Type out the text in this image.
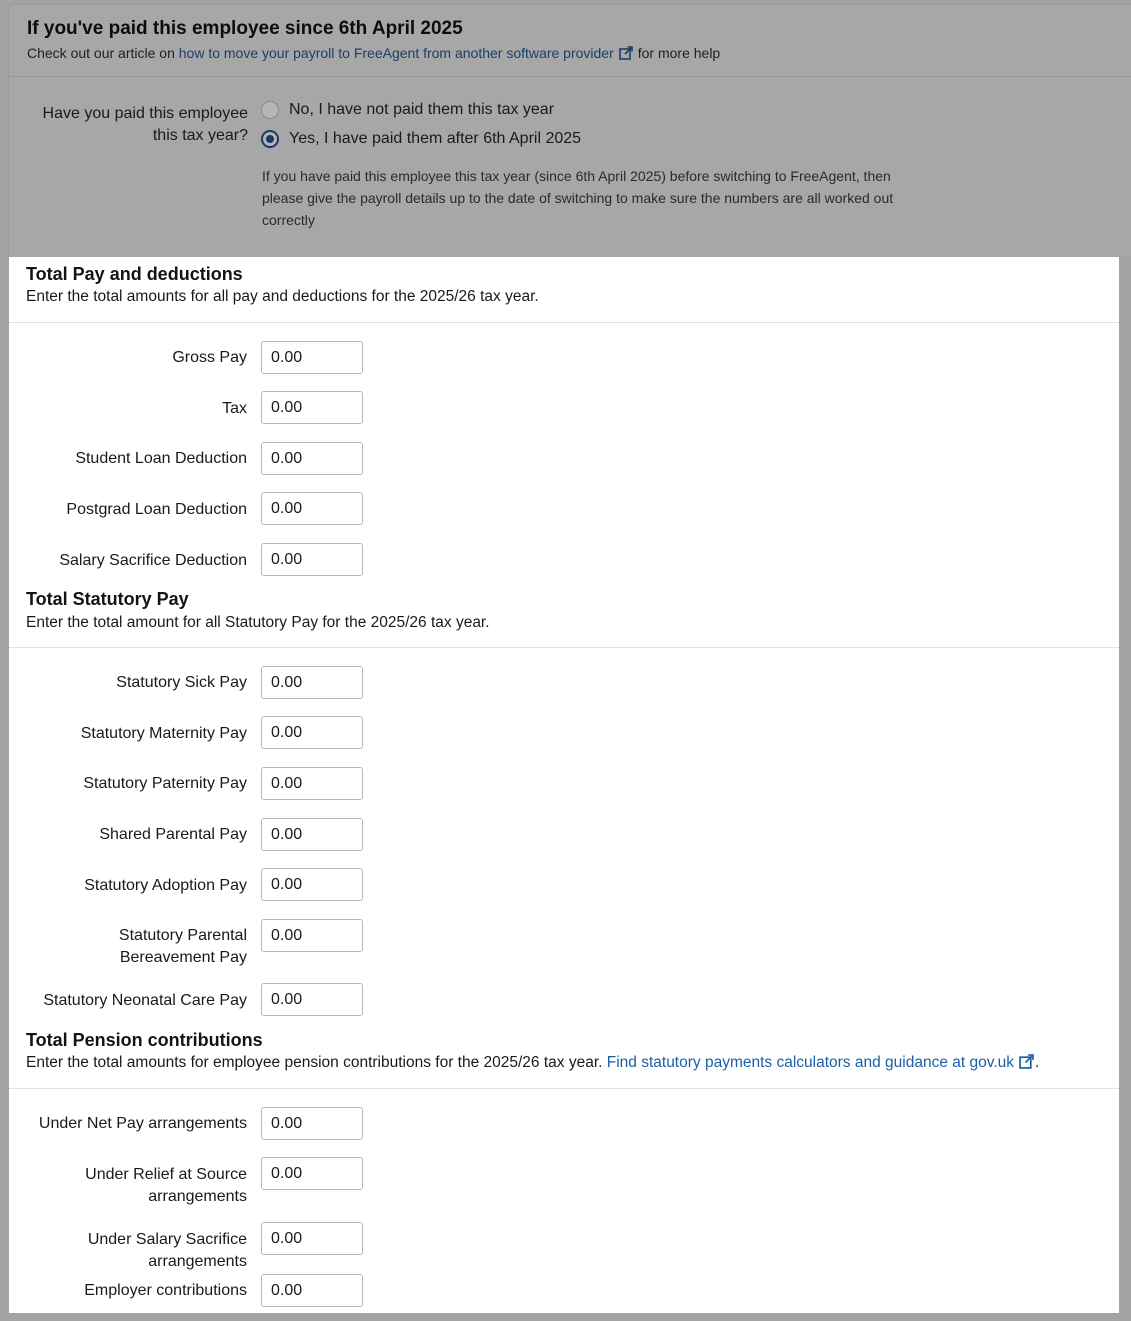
If you've paid this employee since 6th April 2025
Check out our article on how to move your payroll to FreeAgent from another software provider for more help
Have you paid this employee
this tax year?
No, I have not paid them this tax year
Yes, I have paid them after 6th April 2025
If you have paid this employee this tax year (since 6th April 2025) before switching to FreeAgent, then please give the payroll details up to the date of switching to make sure the numbers are all worked out correctly
Total Pay and deductions
Enter the total amounts for all pay and deductions for the 2025/26 tax year.
Gross Pay
0.00
Tax
0.00
Student Loan Deduction
0.00
Postgrad Loan Deduction
0.00
Salary Sacrifice Deduction
0.00
Total Statutory Pay
Enter the total amount for all Statutory Pay for the 2025/26 tax year.
Statutory Sick Pay
0.00
Statutory Maternity Pay
0.00
Statutory Paternity Pay
0.00
Shared Parental Pay
0.00
Statutory Adoption Pay
0.00
Statutory Parental
Bereavement Pay
0.00
Statutory Neonatal Care Pay
0.00
Total Pension contributions
Enter the total amounts for employee pension contributions for the 2025/26 tax year. Find statutory payments calculators and guidance at gov.uk .
Under Net Pay arrangements
0.00
Under Relief at Source
arrangements
0.00
Under Salary Sacrifice
arrangements
0.00
Employer contributions
0.00
